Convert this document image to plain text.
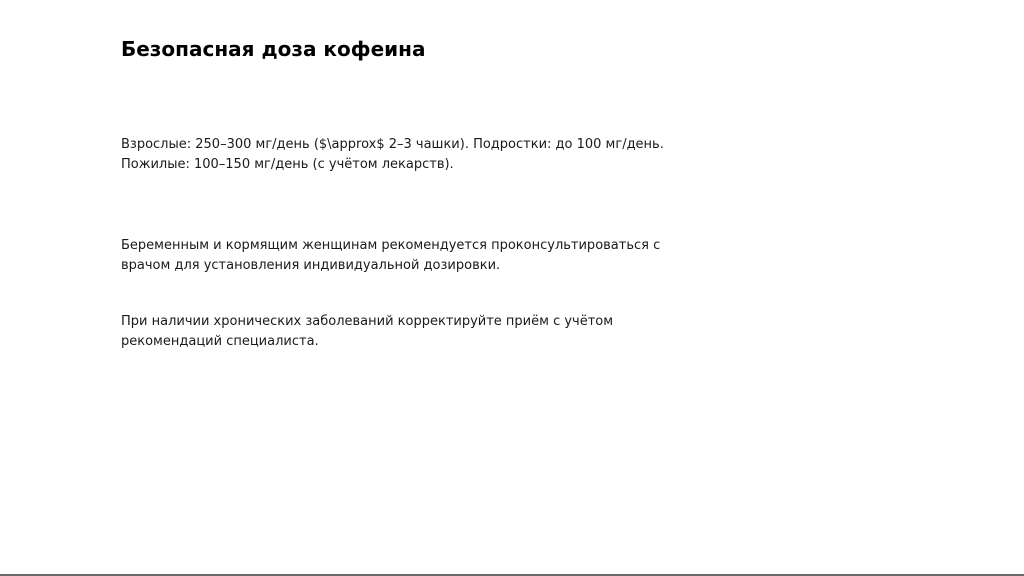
Безопасная доза кофеина

Взрослые: 250–300 мг/день ($\approx$ 2–3 чашки). Подростки: до 100 мг/день.
Пожилые: 100–150 мг/день (с учётом лекарств).

Беременным и кормящим женщинам рекомендуется проконсультироваться с
врачом для установления индивидуальной дозировки.

При наличии хронических заболеваний корректируйте приём с учётом
рекомендаций специалиста.
